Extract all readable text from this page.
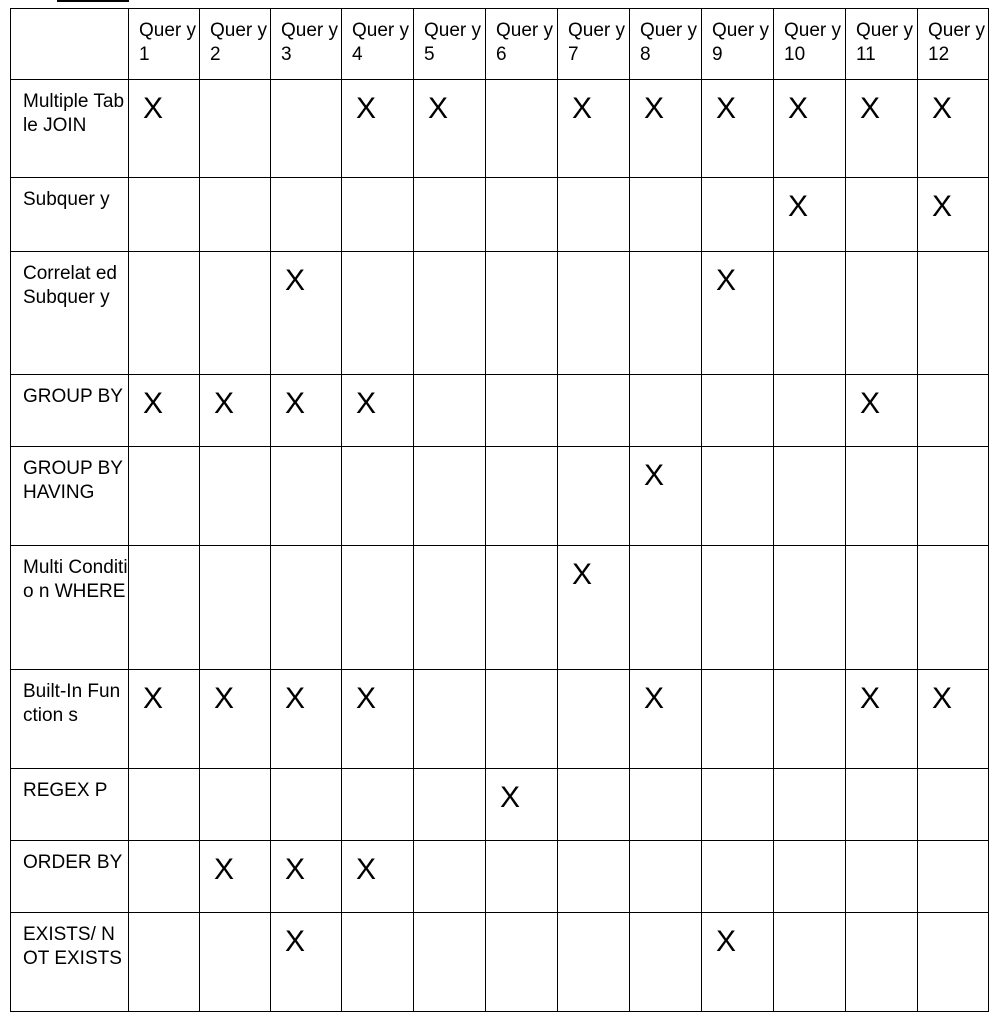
	Quer y 1	Quer y2	Quer y 3	Quer y4	Quer y 5	Quer y6	Quer y 7	Quer y8	Quer y 9	Quer y10	Quer y 11	Quer y 12
Multiple Table JOIN	X			X	X		X	X	X	X	X	X
Subquer y										X		X
Correlat ed Subquer y			X						X			
GROUP BY	X	X	X	X							X	
GROUP BY HAVING								X				
Multi Conditio n WHERE							X					
Built-In Function s	X	X	X	X				X			X	X
REGEX P						X						
ORDER BY		X	X	X								
EXISTS/ NOT EXISTS			X						X			
